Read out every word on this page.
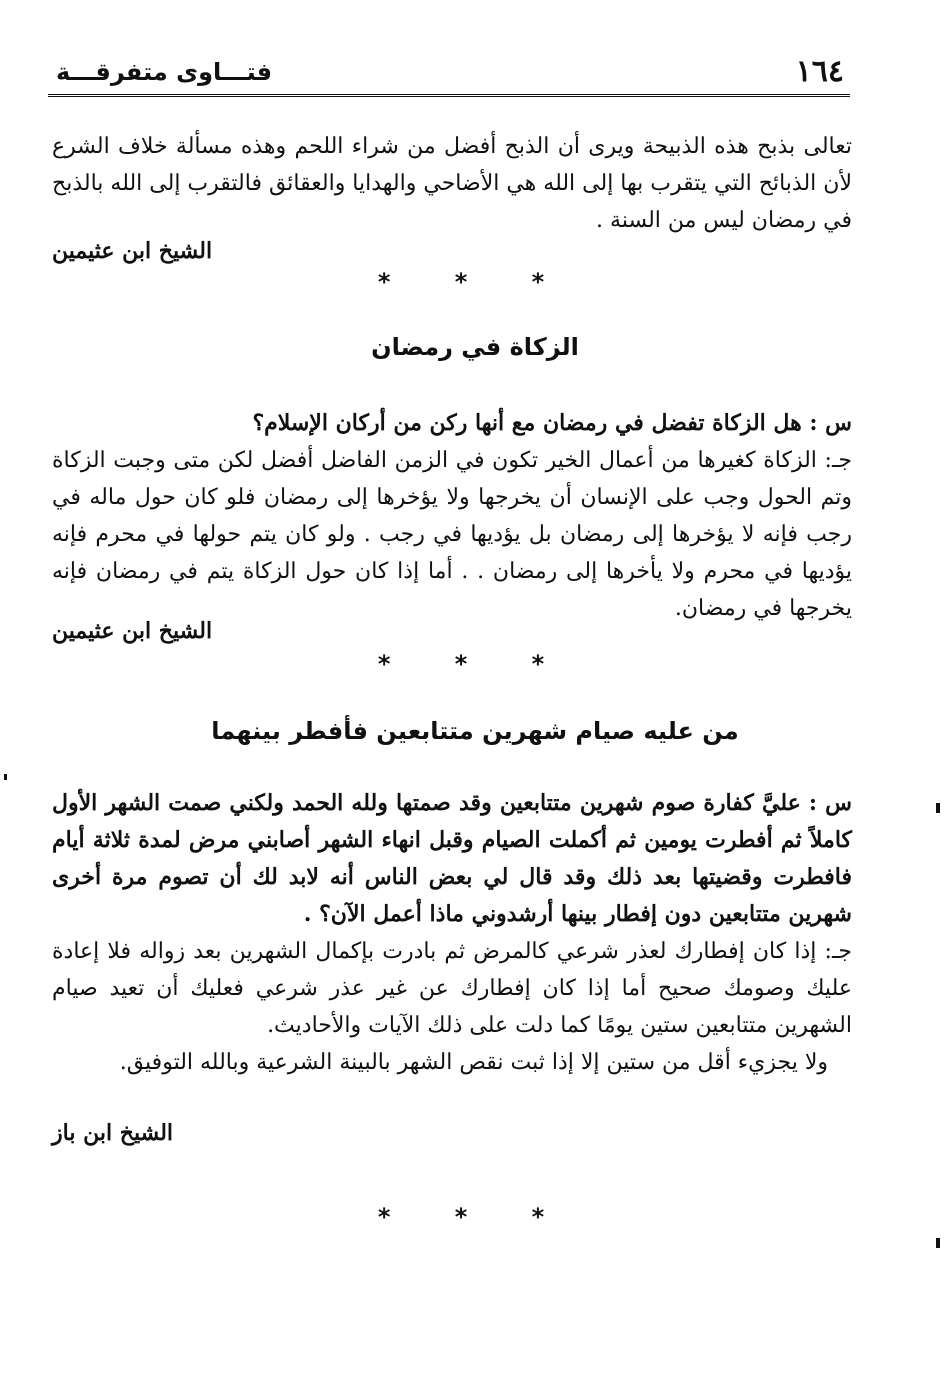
١٦٤
فتـــاوى متفرقـــة

تعالى بذبح هذه الذبيحة ويرى أن الذبح أفضل من شراء اللحم وهذه مسألة خلاف الشرع لأن الذبائح التي يتقرب بها إلى الله هي الأضاحي والهدايا والعقائق فالتقرب إلى الله بالذبح في رمضان ليس من السنة .

الشيخ ابن عثيمين
* * *
الزكاة في رمضان

س : هل الزكاة تفضل في رمضان مع أنها ركن من أركان الإسلام؟

جـ: الزكاة كغيرها من أعمال الخير تكون في الزمن الفاضل أفضل لكن متى وجبت الزكاة وتم الحول وجب على الإنسان أن يخرجها ولا يؤخرها إلى رمضان فلو كان حول ماله في رجب فإنه لا يؤخرها إلى رمضان بل يؤديها في رجب . ولو كان يتم حولها في محرم فإنه يؤديها في محرم ولا يأخرها إلى رمضان . . أما إذا كان حول الزكاة يتم في رمضان فإنه يخرجها في رمضان.

الشيخ ابن عثيمين
* * *
من عليه صيام شهرين متتابعين فأفطر بينهما

س : عليَّ كفارة صوم شهرين متتابعين وقد صمتها ولله الحمد ولكني صمت الشهر الأول كاملاً ثم أفطرت يومين ثم أكملت الصيام وقبل انهاء الشهر أصابني مرض لمدة ثلاثة أيام فافطرت وقضيتها بعد ذلك وقد قال لي بعض الناس أنه لابد لك أن تصوم مرة أخرى شهرين متتابعين دون إفطار بينها أرشدوني ماذا أعمل الآن؟ .

جـ: إذا كان إفطارك لعذر شرعي كالمرض ثم بادرت بإكمال الشهرين بعد زواله فلا إعادة عليك وصومك صحيح أما إذا كان إفطارك عن غير عذر شرعي فعليك أن تعيد صيام الشهرين متتابعين ستين يومًا كما دلت على ذلك الآيات والأحاديث.

ولا يجزيء أقل من ستين إلا إذا ثبت نقص الشهر بالبينة الشرعية وبالله التوفيق.

الشيخ ابن باز
* * *
